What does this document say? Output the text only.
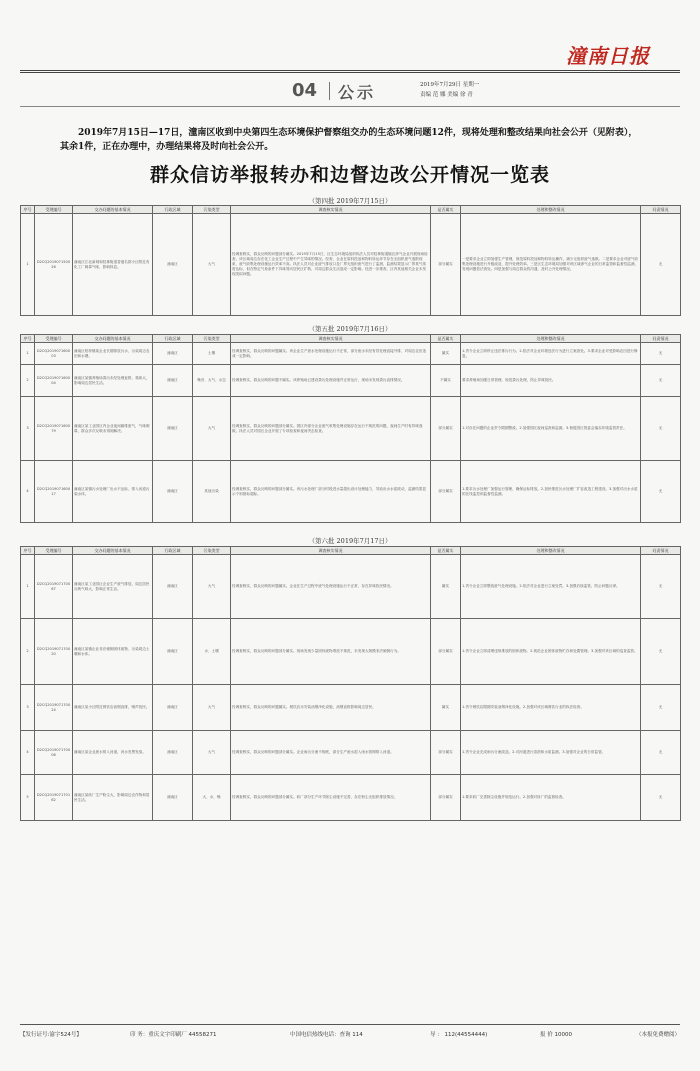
潼南日报
04 公示	2019年7月29日 星期一
责编 范 娜 美编 徐 青
2019年7月15日—17日，潼南区收到中央第四生态环境保护督察组交办的生态环境问题12件，现将处理和整改结果向社会公开（见附表），其余1件，正在办理中，办理结果将及时向社会公开。
群众信访举报转办和边督边改公开情况一览表
（第四批 2019年7月15日）
序号	受理编号	交办问题的基本情况	行政区域	污染类型	调查核实情况	是否属实	处理和整改情况	问责情况
1	D2CQ201907150026	潼南区江北新城和桂林街道香港名郡小区附近有化工厂刺鼻气味，影响休息。	潼南区	大气	经调查核实，群众反映的问题部分属实。2019年7月15日，区生态环境局组织执法人员对桂林街道辖区涉气企业开展现场检查，该区域周边存在化工企业生产过程中产生异味的情况。经查，企业在原料投加和物料转运环节存在无组织废气逸散现象，废气收集处理设施运行效率不高。执法人员对企业废气排放口及厂界无组织废气进行了监测，监测结果显示厂界臭气浓度达标，但在特定气象条件下异味易向居民区扩散，对周边群众生活造成一定影响。经进一步排查，区内其他相关企业未发现类似问题。	部分属实	一是要求企业立即加强生产管理，规范原料投加和物料转运操作，减少无组织废气逸散。二是要求企业对废气收集处理设施进行升级改造，提升处理效率。三是区生态环境局加强对该区域涉气企业的日常监管和监督性监测，发现问题依法查处。四是加强与周边群众的沟通，及时公开处理情况。	无
（第五批 2019年7月16日）
序号	受理编号	交办问题的基本情况	行政区域	污染类型	调查核实情况	是否属实	处理和整改情况	问责情况
1	D2CQ201907160003	潼南区柏梓镇某企业长期排放污水，污染周边农田和水塘。	潼南区	土壤	经调查核实，群众反映的问题属实。该企业生产废水处理设施运行不正常，部分废水未经有效处理直接外排，对周边农田造成一定影响。	属实	1.责令企业立即停止违法排污行为。2.依法对企业环境违法行为进行立案查处。3.要求企业对受影响农田进行修复。	无
2	D2CQ201907160004	潼南区某镇养殖场粪污未经处理直排，臭味大，影响周边居民生活。	潼南区	噪音、大气、水态	经调查核实，群众反映的问题不属实。该养殖场已建设粪污处理设施并正常运行，现场未发现粪污直排情况。	不属实	要求养殖场加强日常管理，规范粪污处理，防止异味扰民。	无
3	D2CQ201907160079	潼南区某工业园区内企业夜间偷排废气，气味刺鼻，群众多次反映未得到解决。	潼南区	大气	经调查核实，群众反映的问题部分属实。园区内部分企业废气收集处理设施存在运行不规范的问题，夜间生产时有异味逸散。执法人员对园区企业开展了专项检查和夜间突击检查。	部分属实	1.对存在问题的企业责令限期整改。2.加强园区夜间巡查和监测。3.督促园区管委会落实环境监管责任。	无
4	D2CQ201907160017	潼南区某镇污水处理厂出水不达标，排入河道污染水体。	潼南区	其他污染	经调查核实，群众反映的问题部分属实。该污水处理厂部分时段进水量超出设计处理能力，导致出水水质波动，监测结果显示个别指标超标。	部分属实	1.要求污水处理厂加强运行管理，确保达标排放。2.加快推进污水处理厂扩容改造工程建设。3.加强对出水水质的在线监控和监督性监测。	无
（第六批 2019年7月17日）
序号	受理编号	交办问题的基本情况	行政区域	污染类型	调查核实情况	是否属实	处理和整改情况	问责情况
1	D2CQ201907170067	潼南区某工业园区企业生产废气排放，周边居民反映气味大，影响正常生活。	潼南区	大气	经调查核实，群众反映的问题属实。企业在生产过程中废气处理设施运行不正常，存在异味扰民情况。	属实	1.责令企业立即整改废气处理设施。2.依法对企业进行立案处罚。3.加强后续监管，防止问题反弹。	无
2	D2CQ201907170020	潼南区某镇企业非法倾倒固体废物，污染周边土壤和水体。	潼南区	水、土壤	经调查核实，群众反映的问题部分属实。现场发现少量固体废物堆放不规范，未发现大规模非法倾倒行为。	部分属实	1.责令企业立即清理违规堆放的固体废物。2.规范企业固体废物贮存和处置管理。3.加强对该区域的巡查监管。	无
3	D2CQ201907170024	潼南区某小区附近餐饮店油烟直排，噪声扰民。	潼南区	大气	经调查核实，群众反映的问题属实。餐饮店未安装油烟净化设施，油烟直排影响周边居民。	属实	1.责令餐饮店限期安装油烟净化设施。2.加强对该区域餐饮行业的执法检查。	无
4	D2CQ201907170006	潼南区某企业废水排入河道，河水发黑发臭。	潼南区	大气	经调查核实，群众反映的问题部分属实。企业雨污分流不彻底，部分生产废水混入雨水管网排入河道。	部分属实	1.责令企业完成雨污分流改造。2.对河道进行清淤和水质监测。3.加强对企业的日常监管。	无
5	D2CQ201907170162	潼南区某砖厂生产粉尘大，影响周边农作物和居民生活。	潼南区	大、水、噪	经调查核实，群众反映的问题部分属实。砖厂部分生产环节除尘设施不完善，存在粉尘无组织排放情况。	部分属实	1.要求砖厂完善除尘设施并规范运行。2.加强对砖厂的监督检查。	无
【发行证号:渝字524号】	印 务：重庆文宇印刷厂 44558271	中国电信热线电话：查询 114	导 ： 112(44554444)	报 价 10000	（本报免费赠阅）
